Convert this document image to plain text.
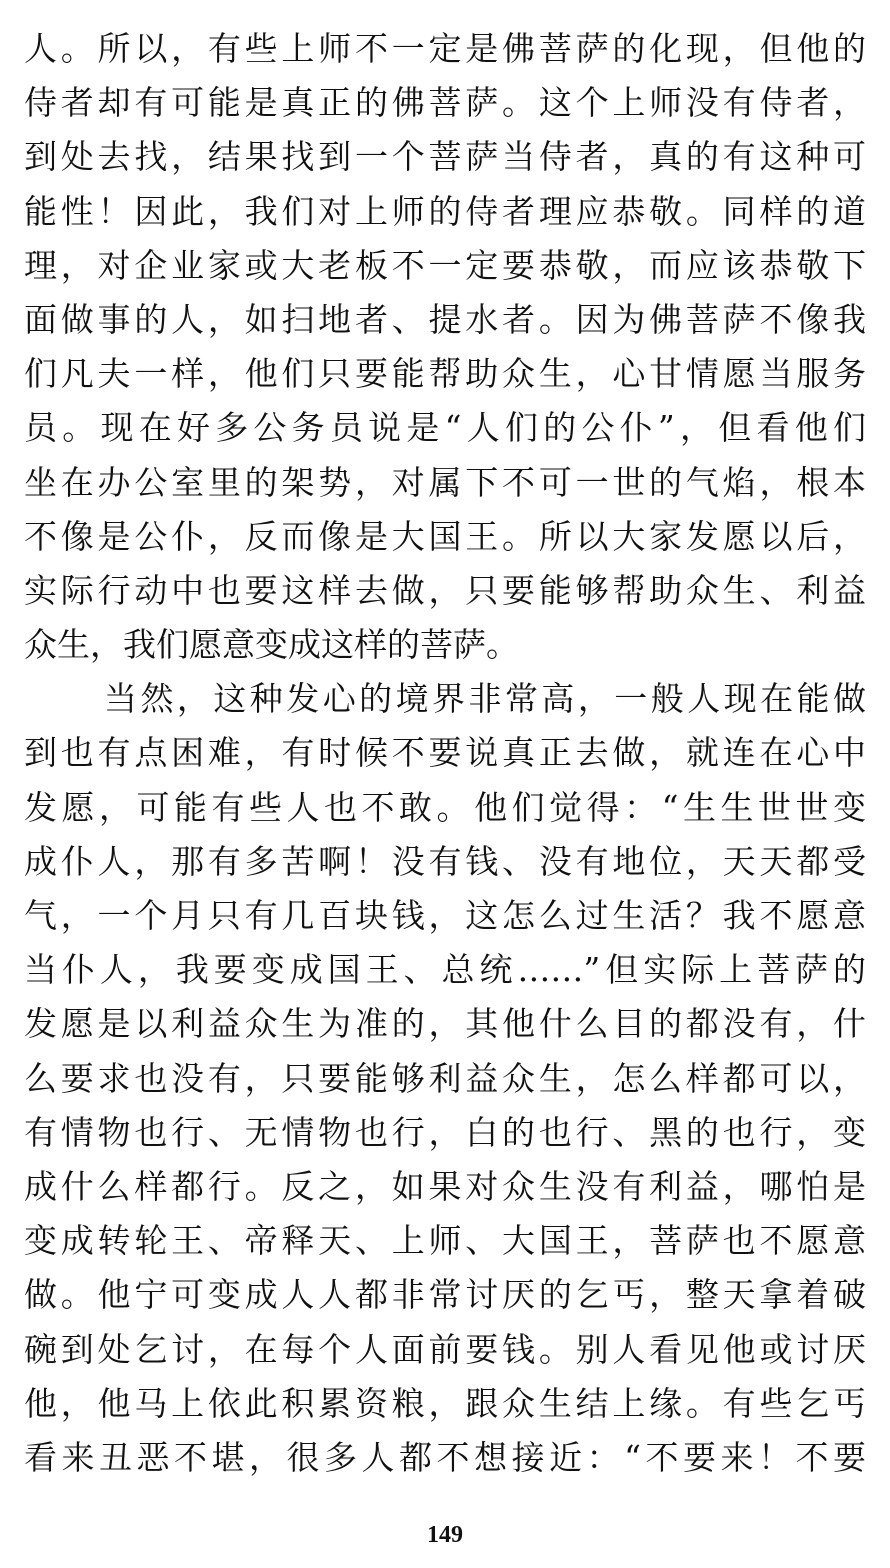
人。所以，有些上师不一定是佛菩萨的化现，但他的
侍者却有可能是真正的佛菩萨。这个上师没有侍者，
到处去找，结果找到一个菩萨当侍者，真的有这种可
能性！因此，我们对上师的侍者理应恭敬。同样的道
理，对企业家或大老板不一定要恭敬，而应该恭敬下
面做事的人，如扫地者、提水者。因为佛菩萨不像我
们凡夫一样，他们只要能帮助众生，心甘情愿当服务
员。现在好多公务员说是“人们的公仆”，但看他们
坐在办公室里的架势，对属下不可一世的气焰，根本
不像是公仆，反而像是大国王。所以大家发愿以后，
实际行动中也要这样去做，只要能够帮助众生、利益
众生，我们愿意变成这样的菩萨。
当然，这种发心的境界非常高，一般人现在能做
到也有点困难，有时候不要说真正去做，就连在心中
发愿，可能有些人也不敢。他们觉得：“生生世世变
成仆人，那有多苦啊！没有钱、没有地位，天天都受
气，一个月只有几百块钱，这怎么过生活？我不愿意
当仆人，我要变成国王、总统……”但实际上菩萨的
发愿是以利益众生为准的，其他什么目的都没有，什
么要求也没有，只要能够利益众生，怎么样都可以，
有情物也行、无情物也行，白的也行、黑的也行，变
成什么样都行。反之，如果对众生没有利益，哪怕是
变成转轮王、帝释天、上师、大国王，菩萨也不愿意
做。他宁可变成人人都非常讨厌的乞丐，整天拿着破
碗到处乞讨，在每个人面前要钱。别人看见他或讨厌
他，他马上依此积累资粮，跟众生结上缘。有些乞丐
看来丑恶不堪，很多人都不想接近：“不要来！不要
149
